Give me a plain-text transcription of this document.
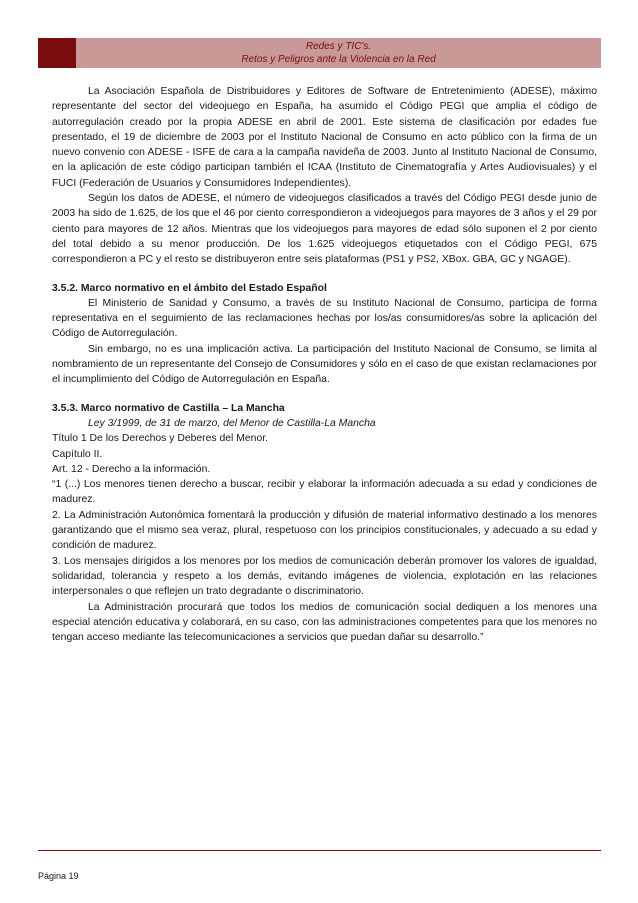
Redes y TIC's.
Retos y Peligros ante la Violencia en la Red

La Asociación Española de Distribuidores y Editores de Software de Entretenimiento (ADESE), máximo representante del sector del videojuego en España, ha asumido el Código PEGI que amplia el código de autorregulación creado por la propia ADESE en abril de 2001. Este sistema de clasificación por edades fue presentado, el 19 de diciembre de 2003 por el Instituto Nacional de Consumo en acto público con la firma de un nuevo convenio con ADESE - ISFE de cara a la campaña navideña de 2003. Junto al Instituto Nacional de Consumo, en la aplicación de este código participan también el ICAA (Instituto de Cinematografía y Artes Audiovisuales) y el FUCI (Federación de Usuarios y Consumidores Independientes).

Según los datos de ADESE, el número de videojuegos clasificados a través del Código PEGI desde junio de 2003 ha sido de 1.625, de los que el 46 por ciento correspondieron a videojuegos para mayores de 3 años y el 29 por ciento para mayores de 12 años. Mientras que los videojuegos para mayores de edad sólo suponen el 2 por ciento del total debido a su menor producción. De los 1.625 videojuegos etiquetados con el Código PEGI, 675 correspondieron a PC y el resto se distribuyeron entre seis plataformas (PS1 y PS2, XBox. GBA, GC y NGAGE).

3.5.2. Marco normativo en el ámbito del Estado Español

El Ministerio de Sanidad y Consumo, a través de su Instituto Nacional de Consumo, participa de forma representativa en el seguimiento de las reclamaciones hechas por los/as consumidores/as sobre la aplicación del Código de Autorregulación.

Sin embargo, no es una implicación activa. La participación del Instituto Nacional de Consumo, se limita al nombramiento de un representante del Consejo de Consumidores y sólo en el caso de que existan reclamaciones por el incumplimiento del Código de Autorregulación en España.

3.5.3. Marco normativo de Castilla – La Mancha

Ley 3/1999, de 31 de marzo, del Menor de Castilla-La Mancha

Título 1 De los Derechos y Deberes del Menor.

Capítulo II.

Art. 12 - Derecho a la información.

“1 (...) Los menores tienen derecho a buscar, recibir y elaborar la información adecuada a su edad y condiciones de madurez.

2. La Administración Autonómica fomentará la producción y difusión de material informativo destinado a los menores garantizando que el mismo sea veraz, plural, respetuoso con los principios constitucionales, y adecuado a su edad y condición de madurez.

3. Los mensajes dirigidos a los menores por los medios de comunicación deberán promover los valores de igualdad, solidaridad, tolerancia y respeto a los demás, evitando imágenes de violencia, explotación en las relaciones interpersonales o que reflejen un trato degradante o discriminatorio.

La Administración procurará que todos los medios de comunicación social dediquen a los menores una especial atención educativa y colaborará, en su caso, con las administraciones competentes para que los menores no tengan acceso mediante las telecomunicaciones a servicios que puedan dañar su desarrollo.”

Página 19
